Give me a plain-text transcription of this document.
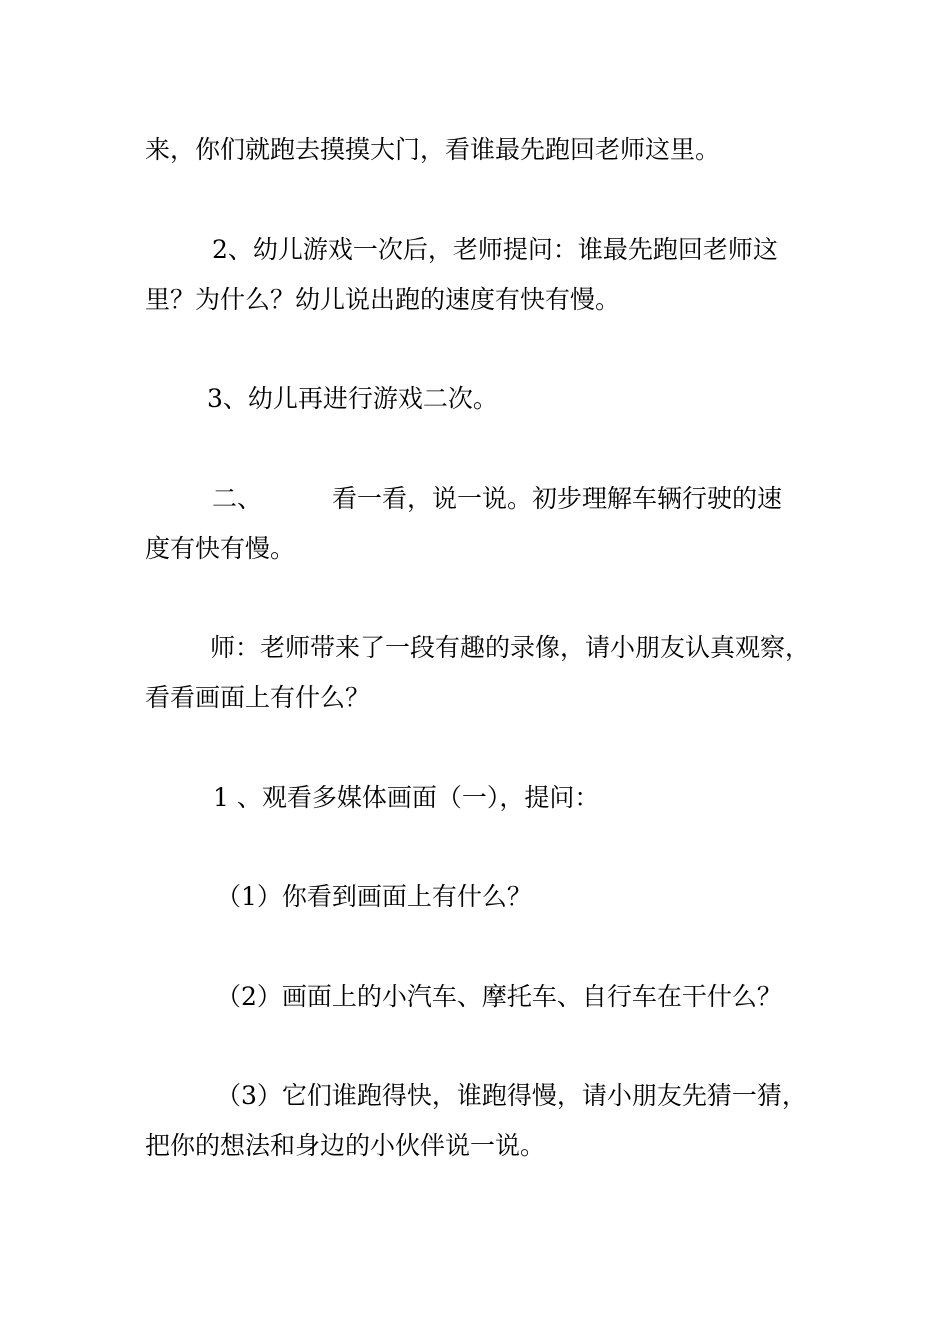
来，你们就跑去摸摸大门，看谁最先跑回老师这里。

2、幼儿游戏一次后，老师提问：谁最先跑回老师这

里？为什么？幼儿说出跑的速度有快有慢。

3、幼儿再进行游戏二次。

二、	看一看，说一说。初步理解车辆行驶的速

度有快有慢。

师：老师带来了一段有趣的录像，请小朋友认真观察，

看看画面上有什么？

1 、观看多媒体画面（一），提问：

（1）你看到画面上有什么？

（2）画面上的小汽车、摩托车、自行车在干什么？

（3）它们谁跑得快，谁跑得慢，请小朋友先猜一猜，

把你的想法和身边的小伙伴说一说。
